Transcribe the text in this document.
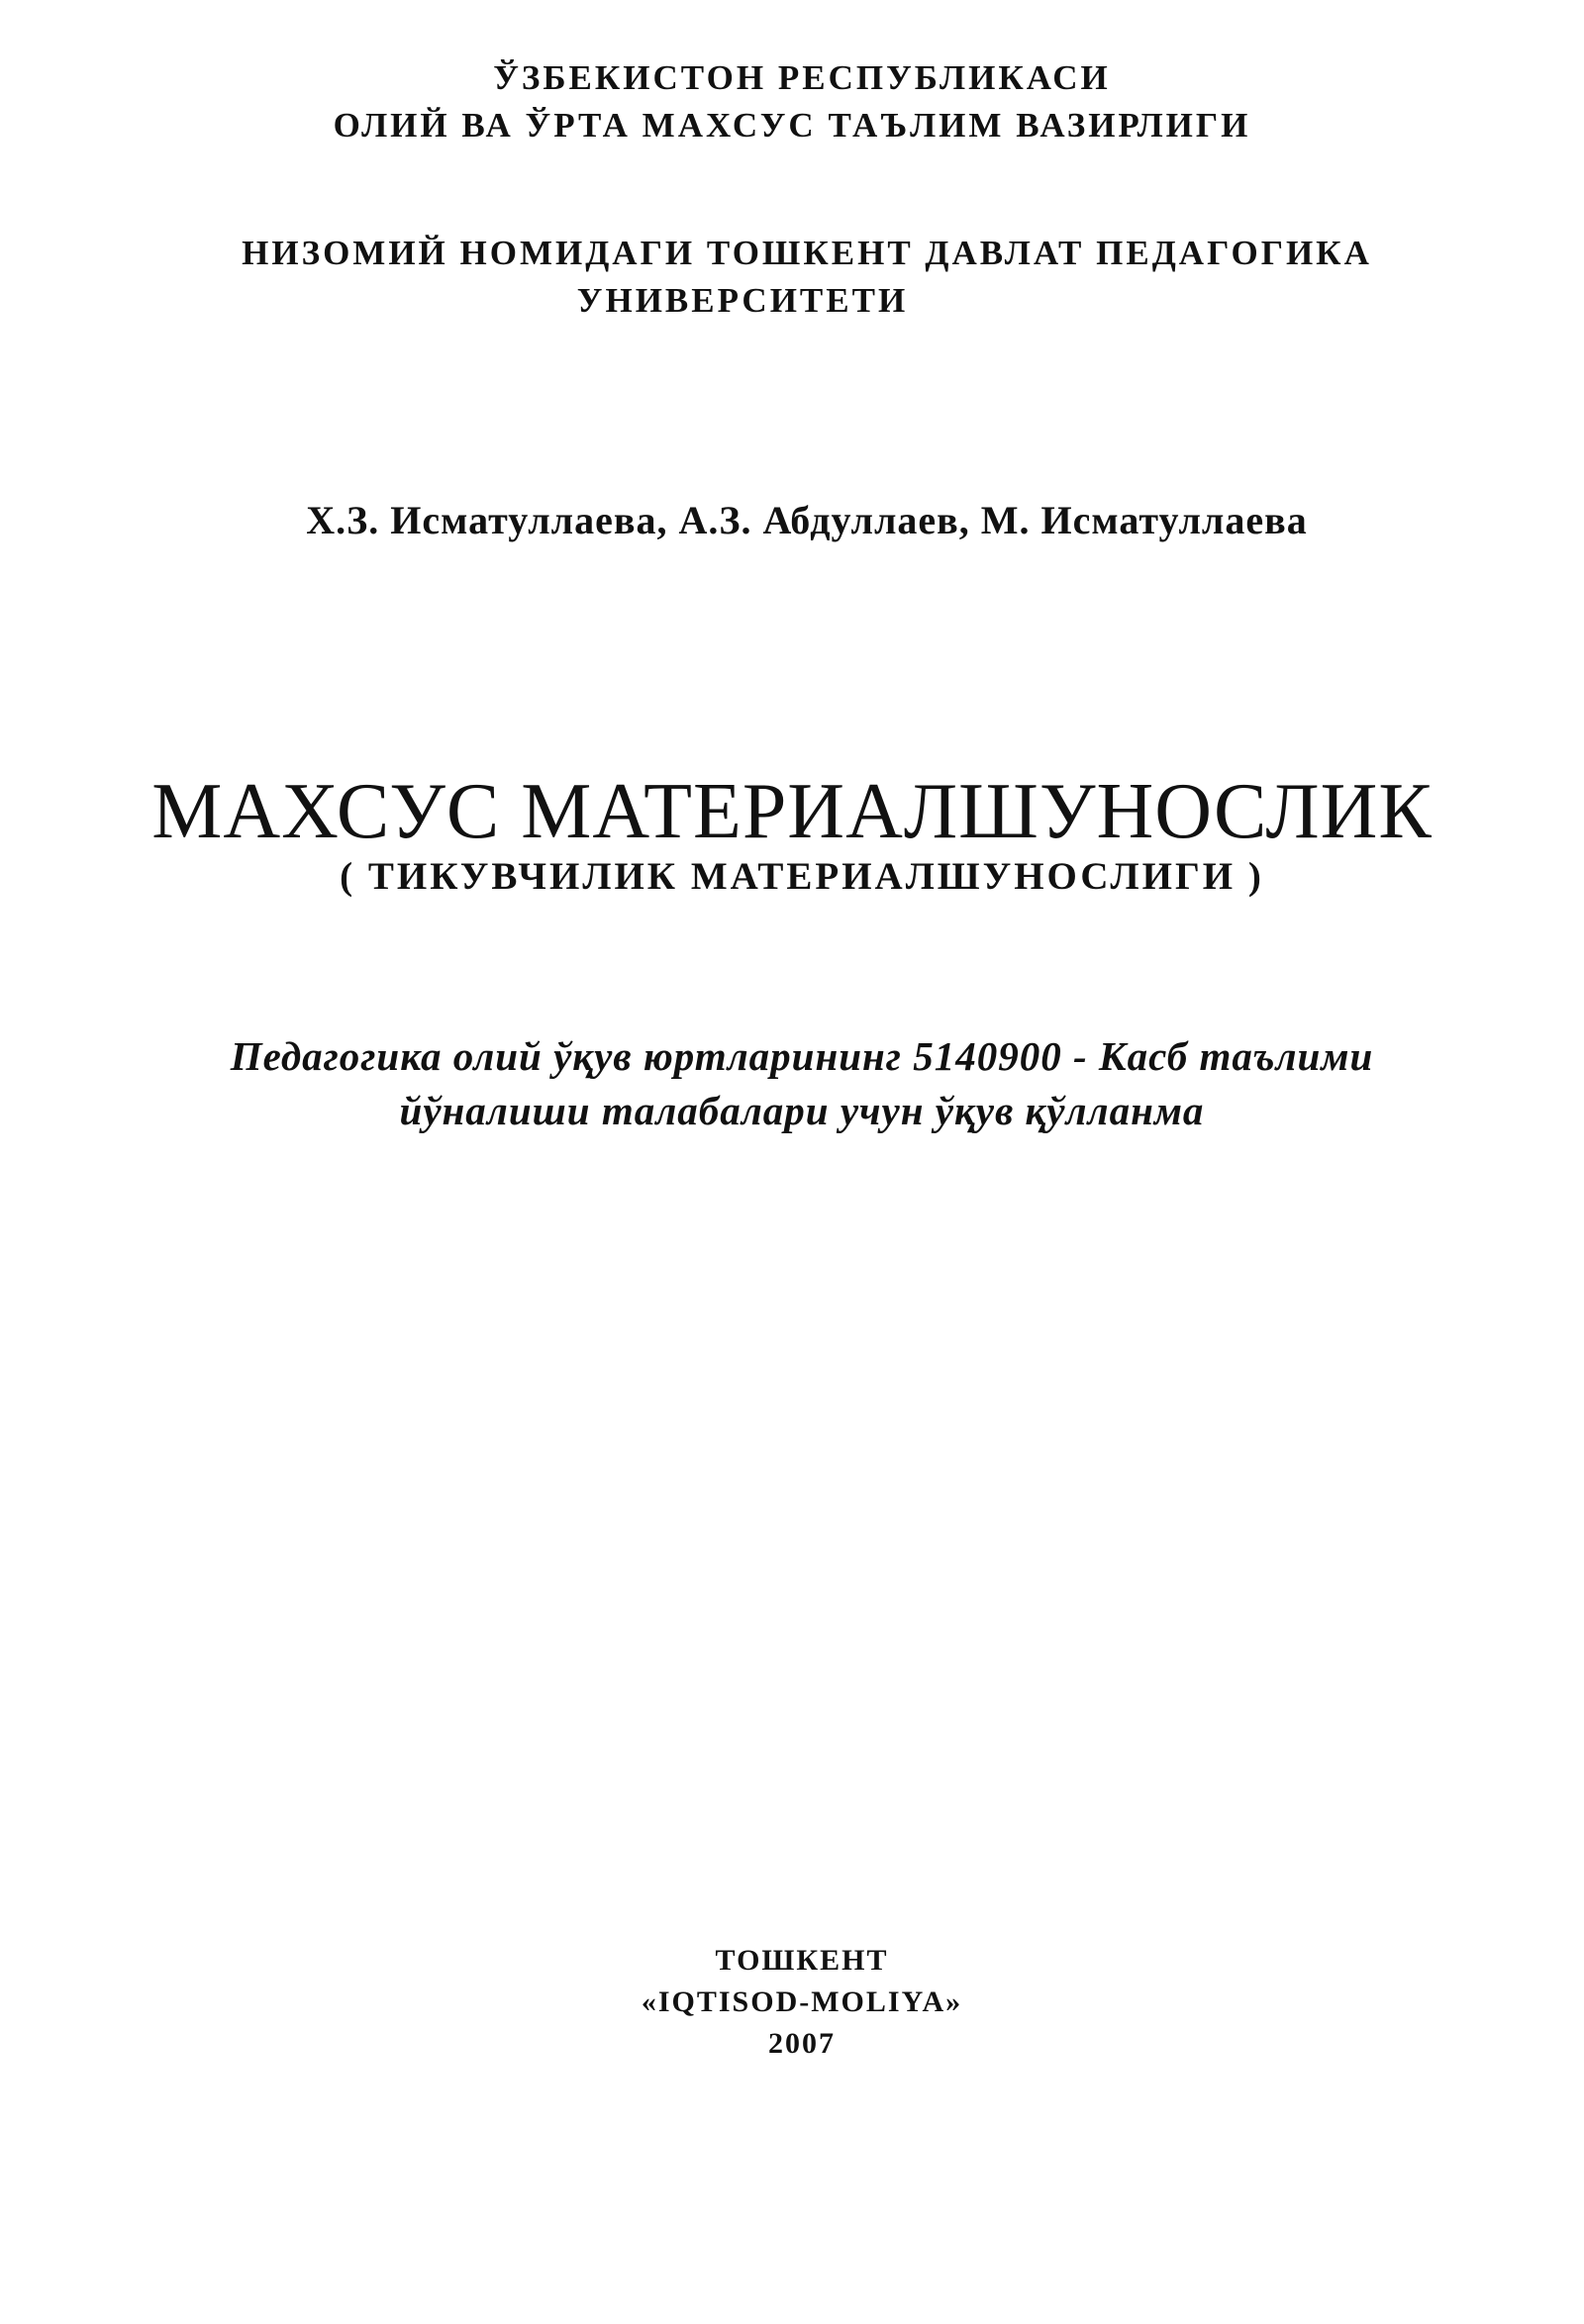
ЎЗБЕКИСТОН РЕСПУБЛИКАСИ
ОЛИЙ ВА ЎРТА МАХСУС ТАЪЛИМ ВАЗИРЛИГИ
НИЗОМИЙ НОМИДАГИ ТОШКЕНТ ДАВЛАТ ПЕДАГОГИКА
УНИВЕРСИТЕТИ
Х.З. Исматуллаева, А.З. Абдуллаев, М. Исматуллаева
МАХСУС МАТЕРИАЛШУНОСЛИК
( ТИКУВЧИЛИК МАТЕРИАЛШУНОСЛИГИ )
Педагогика олий ўқув юртларининг 5140900 - Касб таълими
йўналиши талабалари учун ўқув қўлланма
ТОШКЕНТ
«IQTISOD-MOLIYA»
2007
